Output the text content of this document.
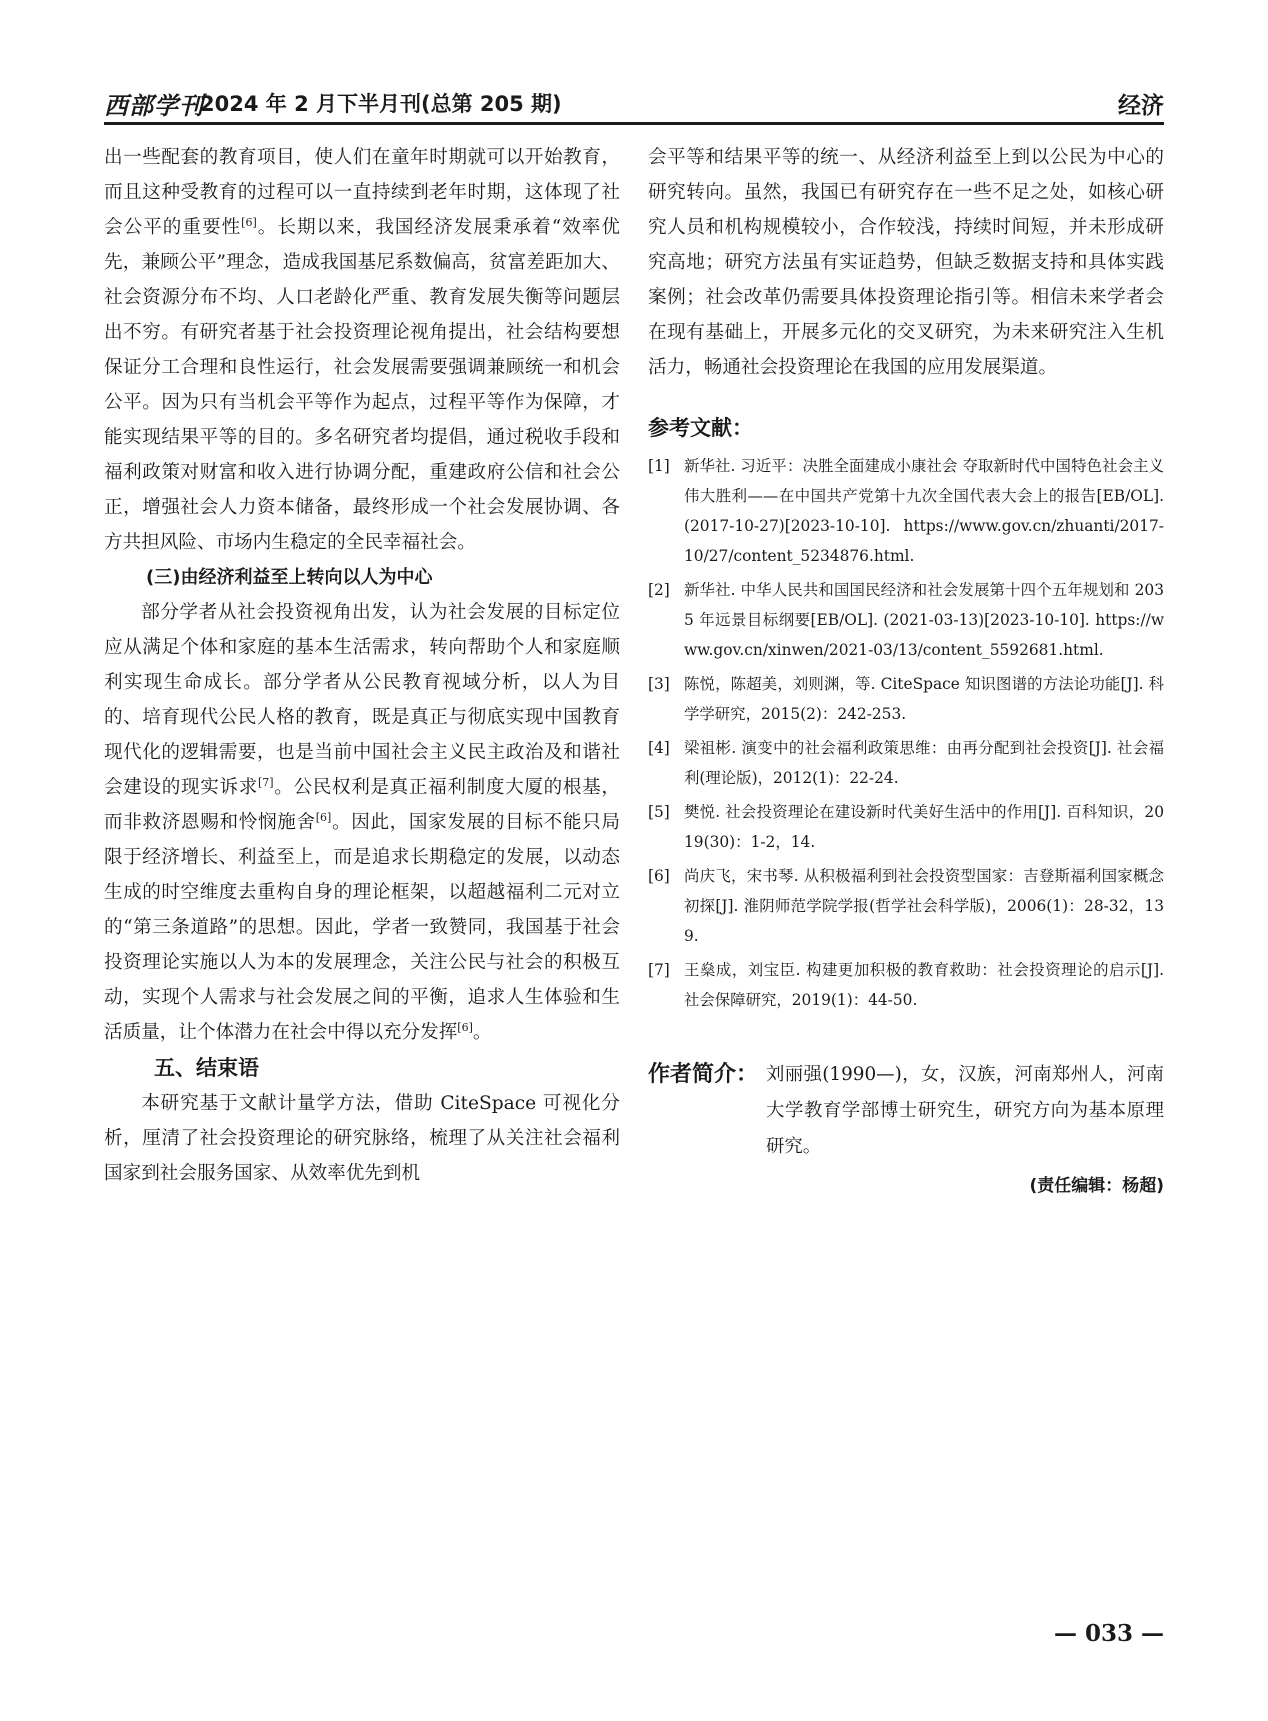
西部学刊
2024 年 2 月下半月刊(总第 205 期)	经济

出一些配套的教育项目，使人们在童年时期就可以开始教育，而且这种受教育的过程可以一直持续到老年时期，这体现了社会公平的重要性[6]。长期以来，我国经济发展秉承着“效率优先，兼顾公平”理念，造成我国基尼系数偏高，贫富差距加大、社会资源分布不均、人口老龄化严重、教育发展失衡等问题层出不穷。有研究者基于社会投资理论视角提出，社会结构要想保证分工合理和良性运行，社会发展需要强调兼顾统一和机会公平。因为只有当机会平等作为起点，过程平等作为保障，才能实现结果平等的目的。多名研究者均提倡，通过税收手段和福利政策对财富和收入进行协调分配，重建政府公信和社会公正，增强社会人力资本储备，最终形成一个社会发展协调、各方共担风险、市场内生稳定的全民幸福社会。

(三)由经济利益至上转向以人为中心

部分学者从社会投资视角出发，认为社会发展的目标定位应从满足个体和家庭的基本生活需求，转向帮助个人和家庭顺利实现生命成长。部分学者从公民教育视域分析，以人为目的、培育现代公民人格的教育，既是真正与彻底实现中国教育现代化的逻辑需要，也是当前中国社会主义民主政治及和谐社会建设的现实诉求[7]。公民权利是真正福利制度大厦的根基，而非救济恩赐和怜悯施舍[6]。因此，国家发展的目标不能只局限于经济增长、利益至上，而是追求长期稳定的发展，以动态生成的时空维度去重构自身的理论框架，以超越福利二元对立的“第三条道路”的思想。因此，学者一致赞同，我国基于社会投资理论实施以人为本的发展理念，关注公民与社会的积极互动，实现个人需求与社会发展之间的平衡，追求人生体验和生活质量，让个体潜力在社会中得以充分发挥[6]。

五、结束语

本研究基于文献计量学方法，借助 CiteSpace 可视化分析，厘清了社会投资理论的研究脉络，梳理了从关注社会福利国家到社会服务国家、从效率优先到机

会平等和结果平等的统一、从经济利益至上到以公民为中心的研究转向。虽然，我国已有研究存在一些不足之处，如核心研究人员和机构规模较小，合作较浅，持续时间短，并未形成研究高地；研究方法虽有实证趋势，但缺乏数据支持和具体实践案例；社会改革仍需要具体投资理论指引等。相信未来学者会在现有基础上，开展多元化的交叉研究，为未来研究注入生机活力，畅通社会投资理论在我国的应用发展渠道。

参考文献：

[1] 新华社. 习近平：决胜全面建成小康社会 夺取新时代中国特色社会主义伟大胜利——在中国共产党第十九次全国代表大会上的报告[EB/OL]. (2017-10-27)[2023-10-10]. https://www.gov.cn/zhuanti/2017-10/27/content_5234876.html.

[2] 新华社. 中华人民共和国国民经济和社会发展第十四个五年规划和 2035 年远景目标纲要[EB/OL]. (2021-03-13)[2023-10-10]. https://www.gov.cn/xinwen/2021-03/13/content_5592681.html.

[3] 陈悦，陈超美，刘则渊，等. CiteSpace 知识图谱的方法论功能[J]. 科学学研究，2015(2)：242-253.

[4] 梁祖彬. 演变中的社会福利政策思维：由再分配到社会投资[J]. 社会福利(理论版)，2012(1)：22-24.

[5] 樊悦. 社会投资理论在建设新时代美好生活中的作用[J]. 百科知识，2019(30)：1-2，14.

[6] 尚庆飞，宋书琴. 从积极福利到社会投资型国家：吉登斯福利国家概念初探[J]. 淮阴师范学院学报(哲学社会科学版)，2006(1)：28-32，139.

[7] 王燊成，刘宝臣. 构建更加积极的教育救助：社会投资理论的启示[J]. 社会保障研究，2019(1)：44-50.

作者简介： 刘丽强(1990—)，女，汉族，河南郑州人，河南大学教育学部博士研究生，研究方向为基本原理研究。
(责任编辑：杨超)
— 033 —
